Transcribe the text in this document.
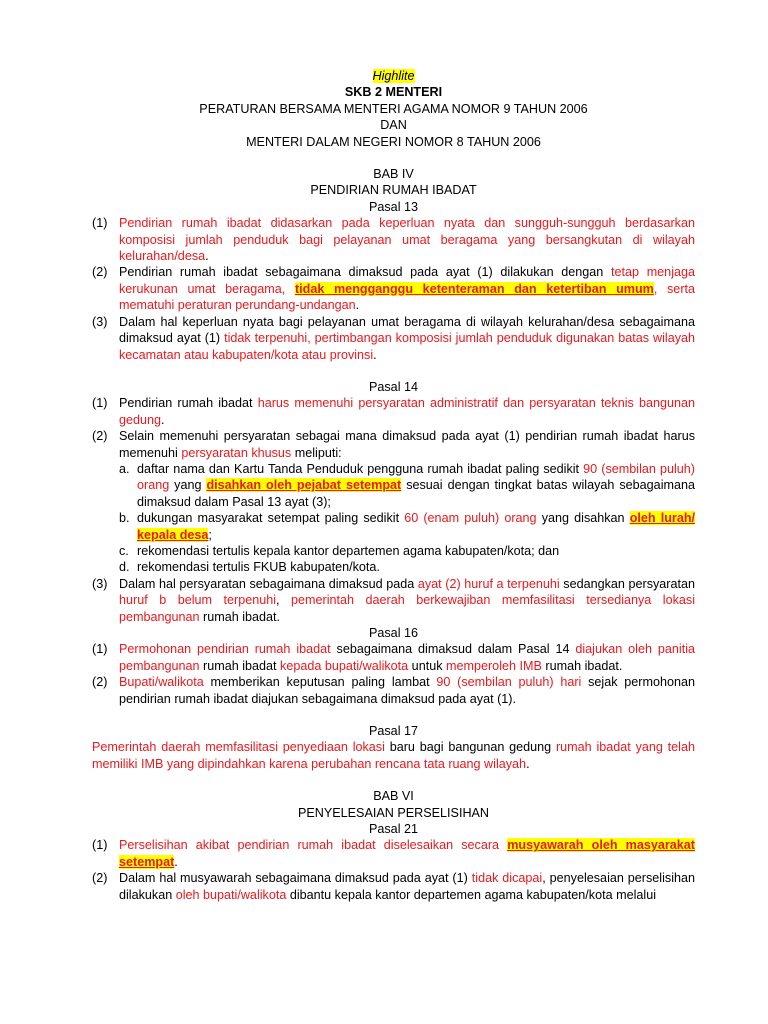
Highlite
SKB 2 MENTERI
PERATURAN BERSAMA MENTERI AGAMA NOMOR 9 TAHUN 2006
DAN
MENTERI DALAM NEGERI NOMOR 8 TAHUN 2006
BAB IV
PENDIRIAN RUMAH IBADAT
Pasal 13
(1) Pendirian rumah ibadat didasarkan pada keperluan nyata dan sungguh-sungguh berdasarkan komposisi jumlah penduduk bagi pelayanan umat beragama yang bersangkutan di wilayah kelurahan/desa.
(2) Pendirian rumah ibadat sebagaimana dimaksud pada ayat (1) dilakukan dengan tetap menjaga kerukunan umat beragama, tidak mengganggu ketenteraman dan ketertiban umum, serta mematuhi peraturan perundang-undangan.
(3) Dalam hal keperluan nyata bagi pelayanan umat beragama di wilayah kelurahan/desa sebagaimana dimaksud ayat (1) tidak terpenuhi, pertimbangan komposisi jumlah penduduk digunakan batas wilayah kecamatan atau kabupaten/kota atau provinsi.
Pasal 14
(1) Pendirian rumah ibadat harus memenuhi persyaratan administratif dan persyaratan teknis bangunan gedung.
(2) Selain memenuhi persyaratan sebagai mana dimaksud pada ayat (1) pendirian rumah ibadat harus memenuhi persyaratan khusus meliputi:
a. daftar nama dan Kartu Tanda Penduduk pengguna rumah ibadat paling sedikit 90 (sembilan puluh) orang yang disahkan oleh pejabat setempat sesuai dengan tingkat batas wilayah sebagaimana dimaksud dalam Pasal 13 ayat (3);
b. dukungan masyarakat setempat paling sedikit 60 (enam puluh) orang yang disahkan oleh lurah/ kepala desa;
c. rekomendasi tertulis kepala kantor departemen agama kabupaten/kota; dan
d. rekomendasi tertulis FKUB kabupaten/kota.
(3) Dalam hal persyaratan sebagaimana dimaksud pada ayat (2) huruf a terpenuhi sedangkan persyaratan huruf b belum terpenuhi, pemerintah daerah berkewajiban memfasilitasi tersedianya lokasi pembangunan rumah ibadat.
Pasal 16
(1) Permohonan pendirian rumah ibadat sebagaimana dimaksud dalam Pasal 14 diajukan oleh panitia pembangunan rumah ibadat kepada bupati/walikota untuk memperoleh IMB rumah ibadat.
(2) Bupati/walikota memberikan keputusan paling lambat 90 (sembilan puluh) hari sejak permohonan pendirian rumah ibadat diajukan sebagaimana dimaksud pada ayat (1).
Pasal 17
Pemerintah daerah memfasilitasi penyediaan lokasi baru bagi bangunan gedung rumah ibadat yang telah memiliki IMB yang dipindahkan karena perubahan rencana tata ruang wilayah.
BAB VI
PENYELESAIAN PERSELISIHAN
Pasal 21
(1) Perselisihan akibat pendirian rumah ibadat diselesaikan secara musyawarah oleh masyarakat setempat.
(2) Dalam hal musyawarah sebagaimana dimaksud pada ayat (1) tidak dicapai, penyelesaian perselisihan dilakukan oleh bupati/walikota dibantu kepala kantor departemen agama kabupaten/kota melalui
